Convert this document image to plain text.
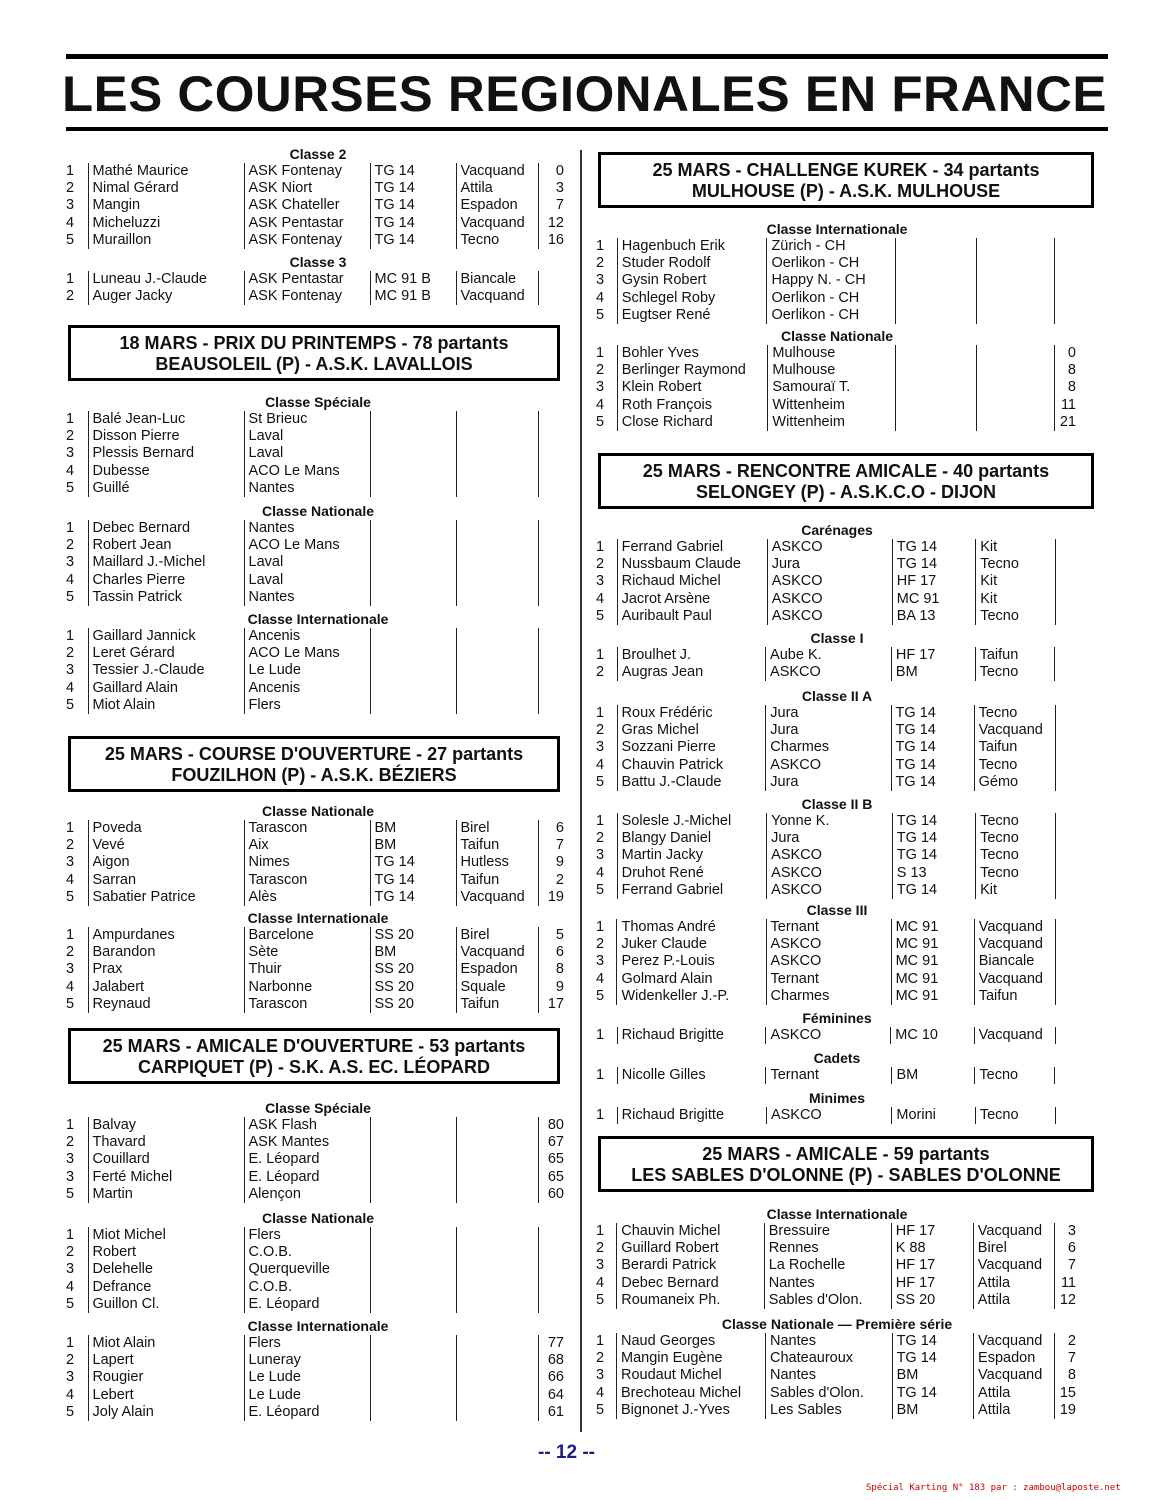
LES COURSES REGIONALES EN FRANCE
Classe 2
1	Mathé Maurice	ASK Fontenay	TG 14	Vacquand	0
2	Nimal Gérard	ASK Niort	TG 14	Attila	3
3	Mangin	ASK Chateller	TG 14	Espadon	7
4	Micheluzzi	ASK Pentastar	TG 14	Vacquand	12
5	Muraillon	ASK Fontenay	TG 14	Tecno	16
Classe 3
1	Luneau J.-Claude	ASK Pentastar	MC 91 B	Biancale	
2	Auger Jacky	ASK Fontenay	MC 91 B	Vacquand	
18 MARS - PRIX DU PRINTEMPS - 78 partants
BEAUSOLEIL (P) - A.S.K. LAVALLOIS
Classe Spéciale
1	Balé Jean-Luc	St Brieuc			
2	Disson Pierre	Laval			
3	Plessis Bernard	Laval			
4	Dubesse	ACO Le Mans			
5	Guillé	Nantes			
Classe Nationale
1	Debec Bernard	Nantes			
2	Robert Jean	ACO Le Mans			
3	Maillard J.-Michel	Laval			
4	Charles Pierre	Laval			
5	Tassin Patrick	Nantes			
Classe Internationale
1	Gaillard Jannick	Ancenis			
2	Leret Gérard	ACO Le Mans			
3	Tessier J.-Claude	Le Lude			
4	Gaillard Alain	Ancenis			
5	Miot Alain	Flers			
25 MARS - COURSE D'OUVERTURE - 27 partants
FOUZILHON (P) - A.S.K. BÉZIERS
Classe Nationale
1	Poveda	Tarascon	BM	Birel	6
2	Vevé	Aix	BM	Taifun	7
3	Aigon	Nimes	TG 14	Hutless	9
4	Sarran	Tarascon	TG 14	Taifun	2
5	Sabatier Patrice	Alès	TG 14	Vacquand	19
Classe Internationale
1	Ampurdanes	Barcelone	SS 20	Birel	5
2	Barandon	Sète	BM	Vacquand	6
3	Prax	Thuir	SS 20	Espadon	8
4	Jalabert	Narbonne	SS 20	Squale	9
5	Reynaud	Tarascon	SS 20	Taifun	17
25 MARS - AMICALE D'OUVERTURE - 53 partants
CARPIQUET (P) - S.K. A.S. EC. LÉOPARD
Classe Spéciale
1	Balvay	ASK Flash			80
2	Thavard	ASK Mantes			67
3	Couillard	E. Léopard			65
3	Ferté Michel	E. Léopard			65
5	Martin	Alençon			60
Classe Nationale
1	Miot Michel	Flers			
2	Robert	C.O.B.			
3	Delehelle	Querqueville			
4	Defrance	C.O.B.			
5	Guillon Cl.	E. Léopard			
Classe Internationale
1	Miot Alain	Flers			77
2	Lapert	Luneray			68
3	Rougier	Le Lude			66
4	Lebert	Le Lude			64
5	Joly Alain	E. Léopard			61
25 MARS - CHALLENGE KUREK - 34 partants
MULHOUSE (P) - A.S.K. MULHOUSE
Classe Internationale
1	Hagenbuch Erik	Zürich - CH			
2	Studer Rodolf	Oerlikon - CH			
3	Gysin Robert	Happy N. - CH			
4	Schlegel Roby	Oerlikon - CH			
5	Eugtser René	Oerlikon - CH			
Classe Nationale
1	Bohler Yves	Mulhouse			0
2	Berlinger Raymond	Mulhouse			8
3	Klein Robert	Samouraï T.			8
4	Roth François	Wittenheim			11
5	Close Richard	Wittenheim			21
25 MARS - RENCONTRE AMICALE - 40 partants
SELONGEY (P) - A.S.K.C.O - DIJON
Carénages
1	Ferrand Gabriel	ASKCO	TG 14	Kit	
2	Nussbaum Claude	Jura	TG 14	Tecno	
3	Richaud Michel	ASKCO	HF 17	Kit	
4	Jacrot Arsène	ASKCO	MC 91	Kit	
5	Auribault Paul	ASKCO	BA 13	Tecno	
Classe I
1	Broulhet J.	Aube K.	HF 17	Taifun	
2	Augras Jean	ASKCO	BM	Tecno	
Classe II A
1	Roux Frédéric	Jura	TG 14	Tecno	
2	Gras Michel	Jura	TG 14	Vacquand	
3	Sozzani Pierre	Charmes	TG 14	Taifun	
4	Chauvin Patrick	ASKCO	TG 14	Tecno	
5	Battu J.-Claude	Jura	TG 14	Gémo	
Classe II B
1	Solesle J.-Michel	Yonne K.	TG 14	Tecno	
2	Blangy Daniel	Jura	TG 14	Tecno	
3	Martin Jacky	ASKCO	TG 14	Tecno	
4	Druhot René	ASKCO	S 13	Tecno	
5	Ferrand Gabriel	ASKCO	TG 14	Kit	
Classe III
1	Thomas André	Ternant	MC 91	Vacquand	
2	Juker Claude	ASKCO	MC 91	Vacquand	
3	Perez P.-Louis	ASKCO	MC 91	Biancale	
4	Golmard Alain	Ternant	MC 91	Vacquand	
5	Widenkeller J.-P.	Charmes	MC 91	Taifun	
Féminines
1	Richaud Brigitte	ASKCO	MC 10	Vacquand	
Cadets
1	Nicolle Gilles	Ternant	BM	Tecno	
Minimes
1	Richaud Brigitte	ASKCO	Morini	Tecno	
25 MARS - AMICALE - 59 partants
LES SABLES D'OLONNE (P) - SABLES D'OLONNE
Classe Internationale
1	Chauvin Michel	Bressuire	HF 17	Vacquand	3
2	Guillard Robert	Rennes	K 88	Birel	6
3	Berardi Patrick	La Rochelle	HF 17	Vacquand	7
4	Debec Bernard	Nantes	HF 17	Attila	11
5	Roumaneix Ph.	Sables d'Olon.	SS 20	Attila	12
Classe Nationale — Première série
1	Naud Georges	Nantes	TG 14	Vacquand	2
2	Mangin Eugène	Chateauroux	TG 14	Espadon	7
3	Roudaut Michel	Nantes	BM	Vacquand	8
4	Brechoteau Michel	Sables d'Olon.	TG 14	Attila	15
5	Bignonet J.-Yves	Les Sables	BM	Attila	19
-- 12 --
Spécial Karting N° 183 par : zambou@laposte.net
